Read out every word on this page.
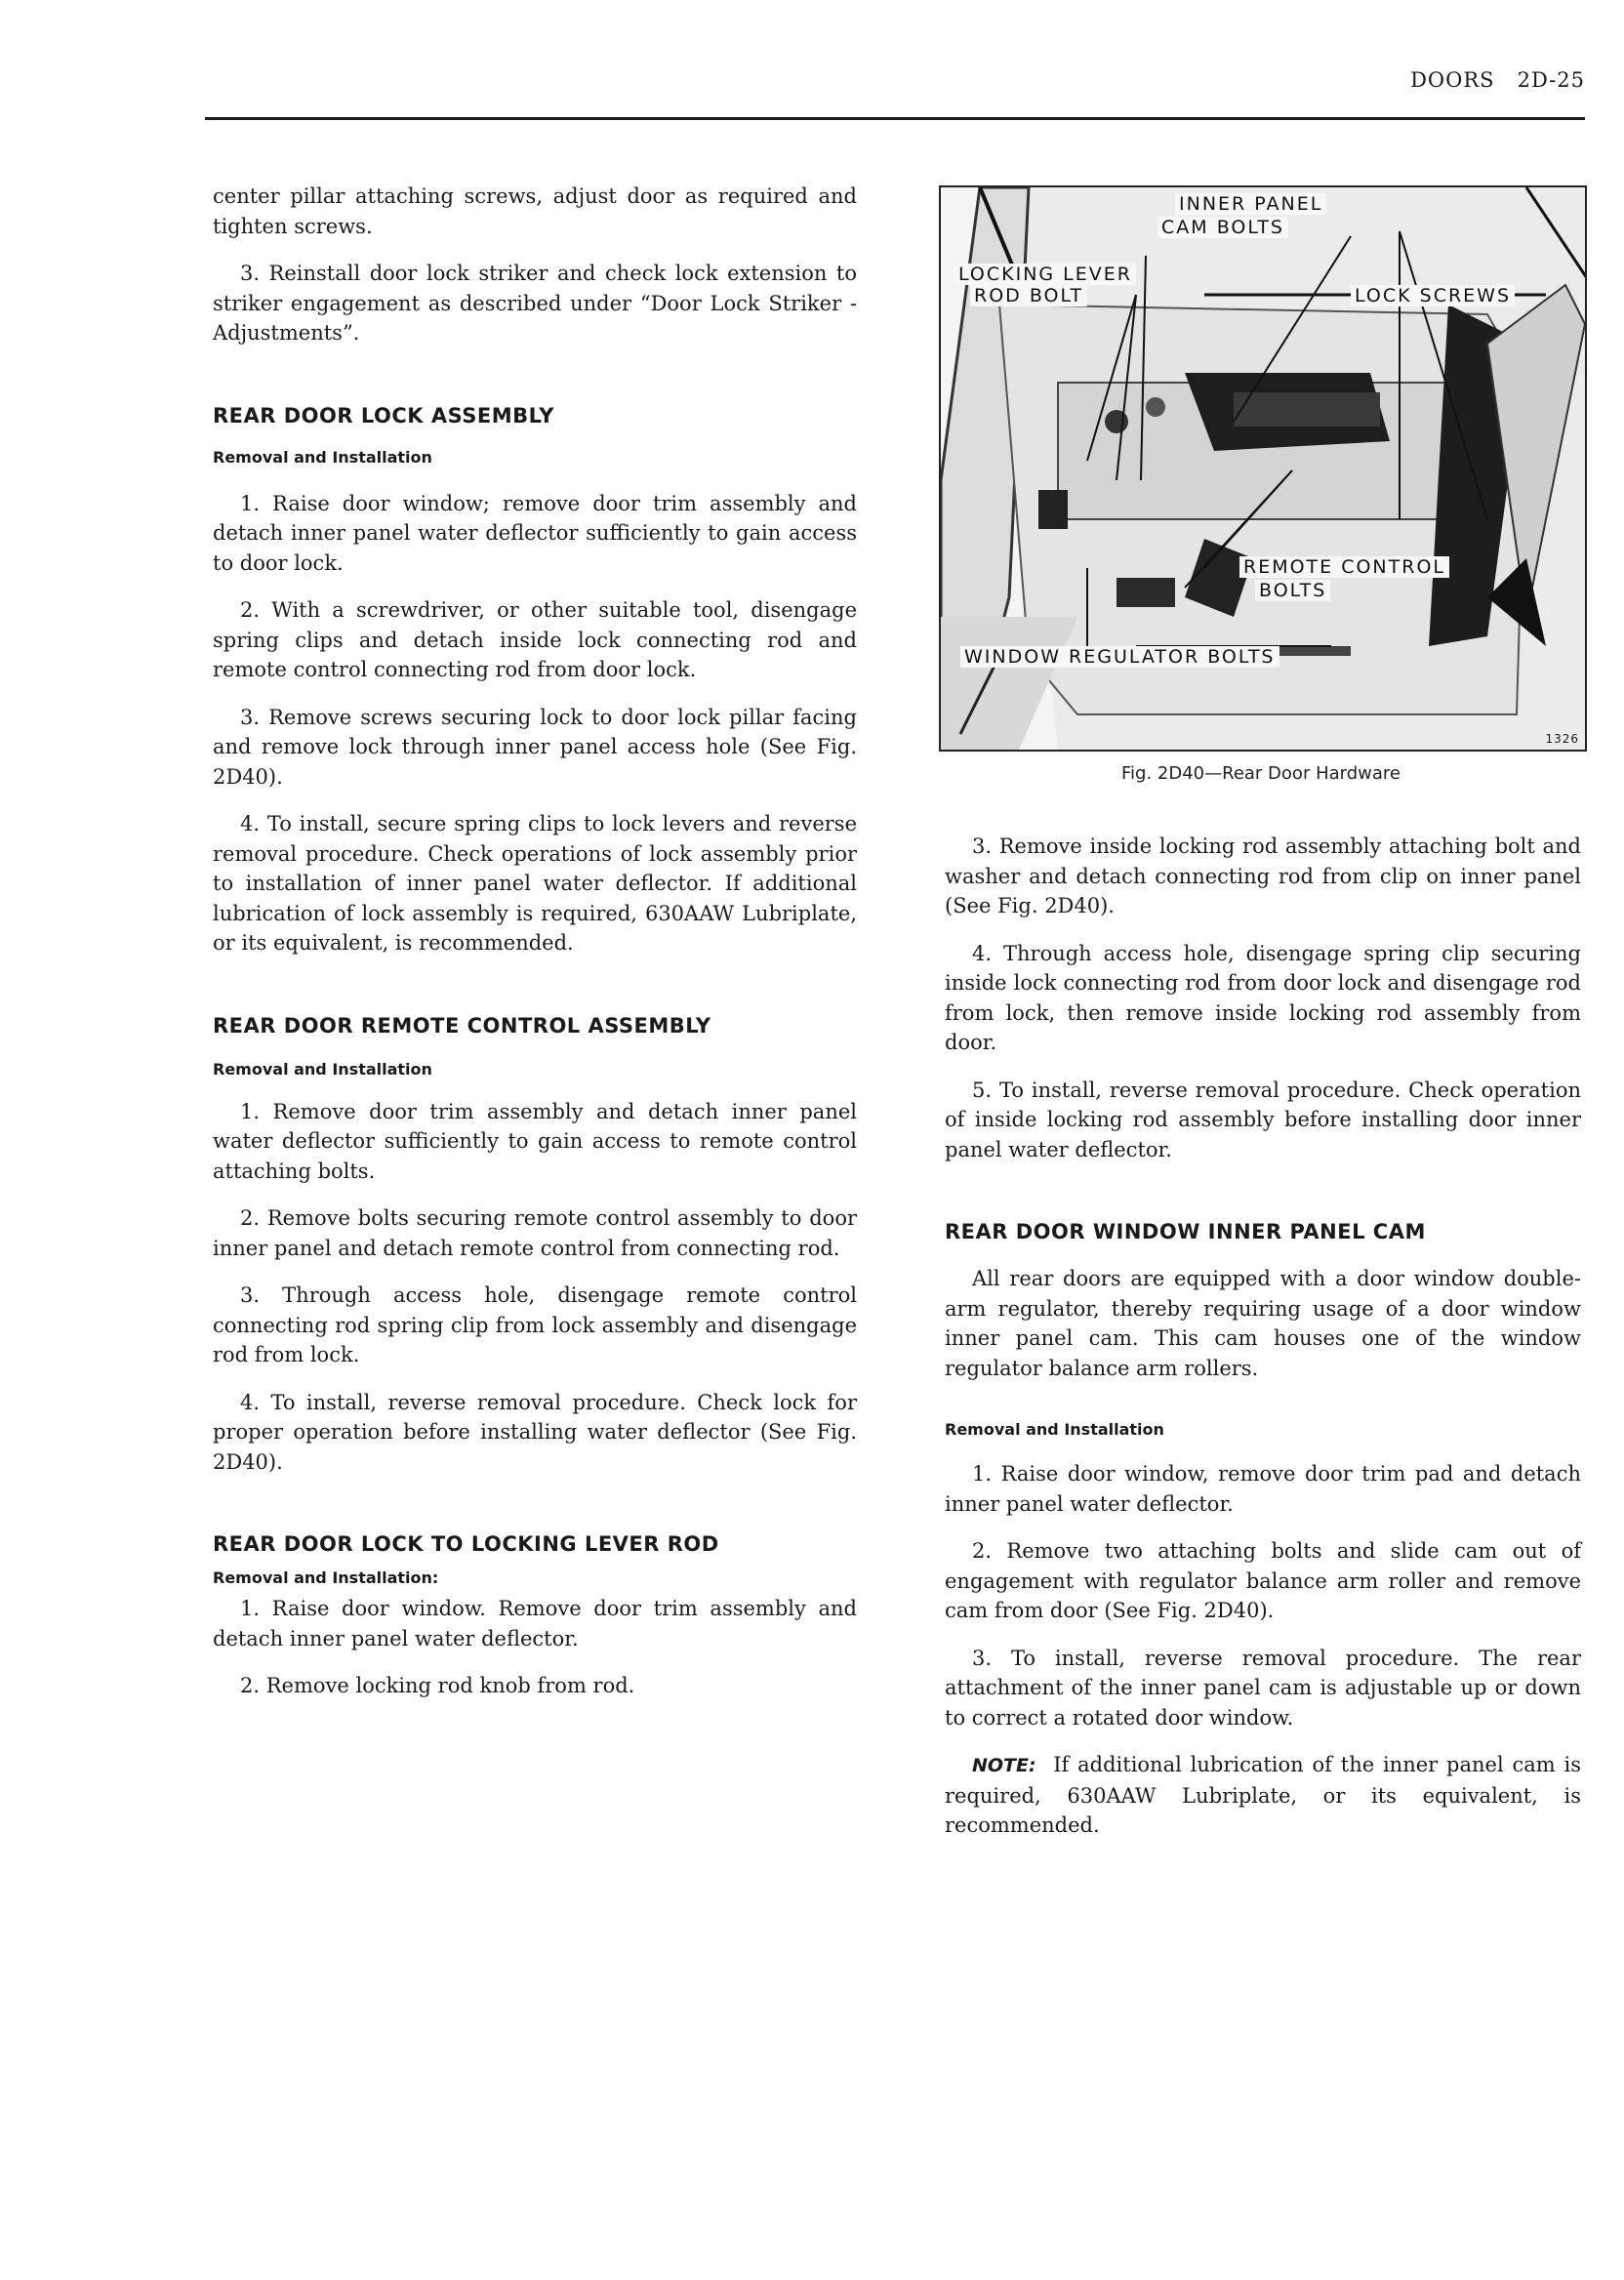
DOORS 2D-25

center pillar attaching screws, adjust door as required and tighten screws.

3. Reinstall door lock striker and check lock extension to striker engagement as described under “Door Lock Striker - Adjustments”.

REAR DOOR LOCK ASSEMBLY
Removal and Installation

1. Raise door window; remove door trim assembly and detach inner panel water deflector sufficiently to gain access to door lock.

2. With a screwdriver, or other suitable tool, disengage spring clips and detach inside lock connecting rod and remote control connecting rod from door lock.

3. Remove screws securing lock to door lock pillar facing and remove lock through inner panel access hole (See Fig. 2D40).

4. To install, secure spring clips to lock levers and reverse removal procedure. Check operations of lock assembly prior to installation of inner panel water deflector. If additional lubrication of lock assembly is required, 630AAW Lubriplate, or its equivalent, is recommended.

REAR DOOR REMOTE CONTROL ASSEMBLY
Removal and Installation

1. Remove door trim assembly and detach inner panel water deflector sufficiently to gain access to remote control attaching bolts.

2. Remove bolts securing remote control assembly to door inner panel and detach remote control from connecting rod.

3. Through access hole, disengage remote control connecting rod spring clip from lock assembly and disengage rod from lock.

4. To install, reverse removal procedure. Check lock for proper operation before installing water deflector (See Fig. 2D40).

REAR DOOR LOCK TO LOCKING LEVER ROD
Removal and Installation:

1. Raise door window. Remove door trim assembly and detach inner panel water deflector.

2. Remove locking rod knob from rod.

INNER PANEL
CAM BOLTS
LOCKING LEVER
ROD BOLT	LOCK SCREWS
REMOTE CONTROL
BOLTS
WINDOW REGULATOR BOLTS
1326
Fig. 2D40—Rear Door Hardware

3. Remove inside locking rod assembly attaching bolt and washer and detach connecting rod from clip on inner panel (See Fig. 2D40).

4. Through access hole, disengage spring clip securing inside lock connecting rod from door lock and disengage rod from lock, then remove inside locking rod assembly from door.

5. To install, reverse removal procedure. Check operation of inside locking rod assembly before installing door inner panel water deflector.

REAR DOOR WINDOW INNER PANEL CAM

All rear doors are equipped with a door window double-arm regulator, thereby requiring usage of a door window inner panel cam. This cam houses one of the window regulator balance arm rollers.

Removal and Installation

1. Raise door window, remove door trim pad and detach inner panel water deflector.

2. Remove two attaching bolts and slide cam out of engagement with regulator balance arm roller and remove cam from door (See Fig. 2D40).

3. To install, reverse removal procedure. The rear attachment of the inner panel cam is adjustable up or down to correct a rotated door window.

NOTE: If additional lubrication of the inner panel cam is required, 630AAW Lubriplate, or its equivalent, is recommended.
